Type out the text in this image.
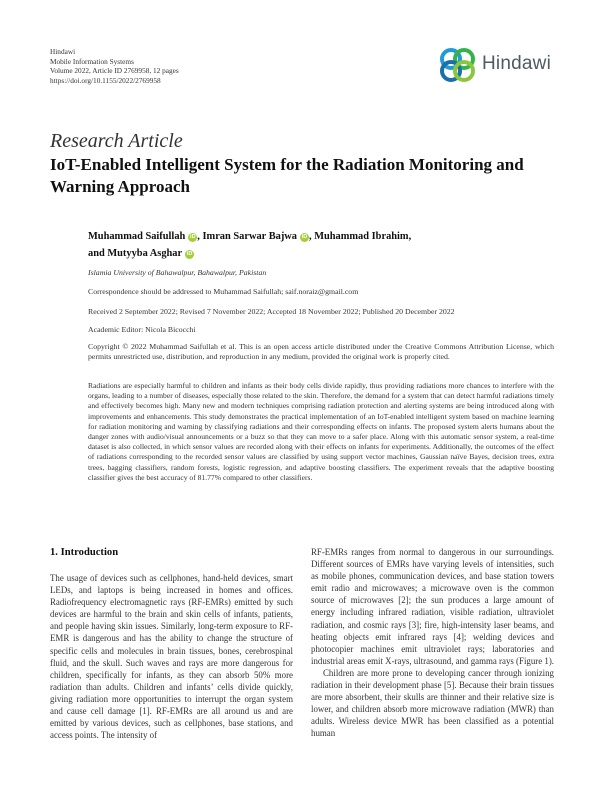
Hindawi
Mobile Information Systems
Volume 2022, Article ID 2769958, 12 pages
https://doi.org/10.1155/2022/2769958
Hindawi
Research Article
IoT-Enabled Intelligent System for the Radiation Monitoring and Warning Approach
Muhammad Saifullah iD , Imran Sarwar Bajwa iD , Muhammad Ibrahim,
and Mutyyba Asghar iD
Islamia University of Bahawalpur, Bahawalpur, Pakistan
Correspondence should be addressed to Muhammad Saifullah; saif.noraiz@gmail.com
Received 2 September 2022; Revised 7 November 2022; Accepted 18 November 2022; Published 20 December 2022
Academic Editor: Nicola Bicocchi
Copyright © 2022 Muhammad Saifullah et al. This is an open access article distributed under the Creative Commons Attribution License, which permits unrestricted use, distribution, and reproduction in any medium, provided the original work is properly cited.
Radiations are especially harmful to children and infants as their body cells divide rapidly, thus providing radiations more chances to interfere with the organs, leading to a number of diseases, especially those related to the skin. Therefore, the demand for a system that can detect harmful radiations timely and effectively becomes high. Many new and modern techniques comprising radiation protection and alerting systems are being introduced along with improvements and enhancements. This study demonstrates the practical implementation of an IoT-enabled intelligent system based on machine learning for radiation monitoring and warning by classifying radiations and their corresponding effects on infants. The proposed system alerts humans about the danger zones with audio/visual announcements or a buzz so that they can move to a safer place. Along with this automatic sensor system, a real-time dataset is also collected, in which sensor values are recorded along with their effects on infants for experiments. Additionally, the outcomes of the effect of radiations corresponding to the recorded sensor values are classified by using support vector machines, Gaussian naïve Bayes, decision trees, extra trees, bagging classifiers, random forests, logistic regression, and adaptive boosting classifiers. The experiment reveals that the adaptive boosting classifier gives the best accuracy of 81.77% compared to other classifiers.
1. Introduction

The usage of devices such as cellphones, hand-held devices, smart LEDs, and laptops is being increased in homes and offices. Radiofrequency electromagnetic rays (RF-EMRs) emitted by such devices are harmful to the brain and skin cells of infants, patients, and people having skin issues. Similarly, long-term exposure to RF-EMR is dangerous and has the ability to change the structure of specific cells and molecules in brain tissues, bones, cerebrospinal fluid, and the skull. Such waves and rays are more dangerous for children, specifically for infants, as they can absorb 50% more radiation than adults. Children and infants’ cells divide quickly, giving radiation more opportunities to interrupt the organ system and cause cell damage [1]. RF-EMRs are all around us and are emitted by various devices, such as cellphones, base stations, and access points. The intensity of

RF-EMRs ranges from normal to dangerous in our surroundings. Different sources of EMRs have varying levels of intensities, such as mobile phones, communication devices, and base station towers emit radio and microwaves; a microwave oven is the common source of microwaves [2]; the sun produces a large amount of energy including infrared radiation, visible radiation, ultraviolet radiation, and cosmic rays [3]; fire, high-intensity laser beams, and heating objects emit infrared rays [4]; welding devices and photocopier machines emit ultraviolet rays; laboratories and industrial areas emit X-rays, ultrasound, and gamma rays (Figure 1).

Children are more prone to developing cancer through ionizing radiation in their development phase [5]. Because their brain tissues are more absorbent, their skulls are thinner and their relative size is lower, and children absorb more microwave radiation (MWR) than adults. Wireless device MWR has been classified as a potential human
